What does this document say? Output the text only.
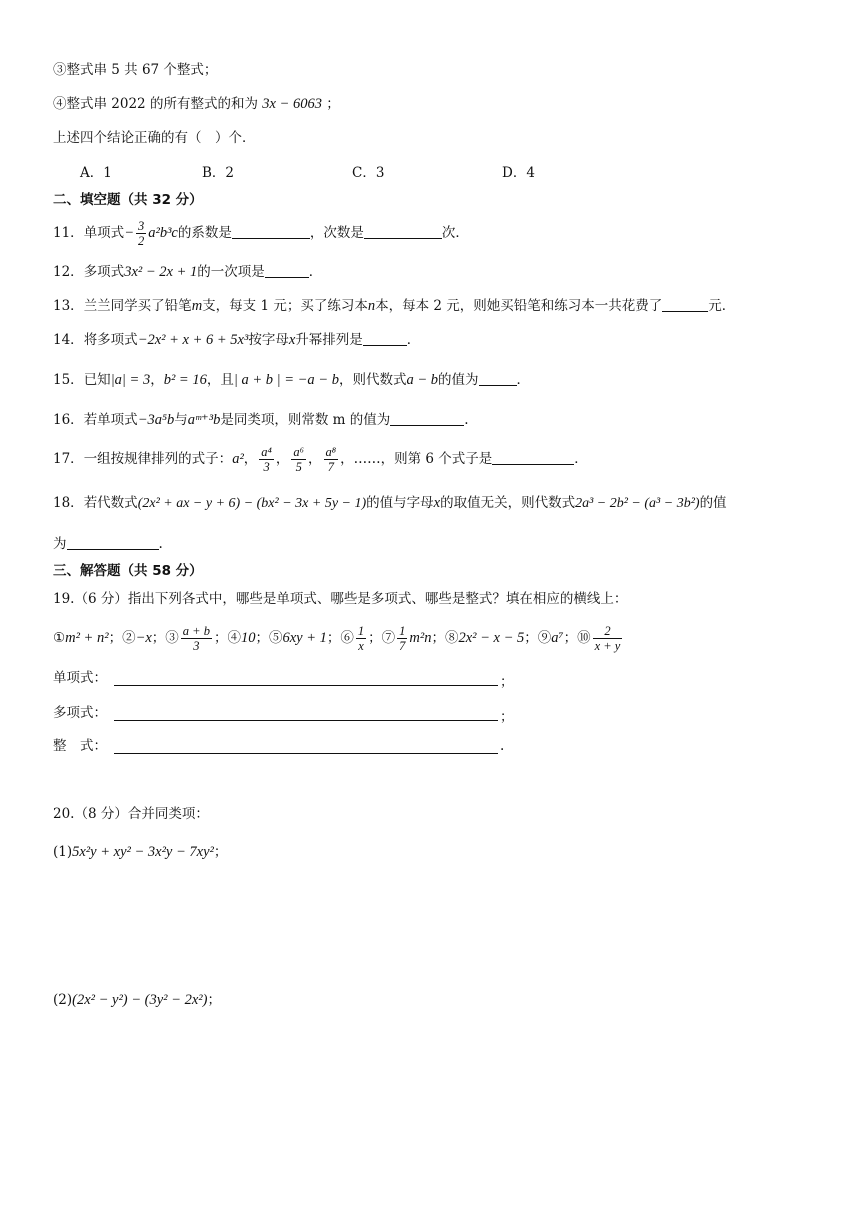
③整式串 5 共 67 个整式；
④整式串 2022 的所有整式的和为 3x − 6063 ；
上述四个结论正确的有（　）个．
A．1	B．2	C．3	D．4
二、填空题（共 32 分）
11．单项式− $\frac{3}{2} a^2b^3c$的系数是	，次数是	次．
12．多项式3x² − 2x + 1的一次项是	．
13．兰兰同学买了铅笔m支，每支 1 元；买了练习本n本，每本 2 元，则她买铅笔和练习本一共花费了	元．
14．将多项式−2x² + x + 6 + 5x³按字母x升幂排列是	．
15．已知|a| = 3，b² = 16，且| a + b | = −a − b，则代数式a − b的值为	．
16．若单项式−3a⁵b与aᵐ⁺³b是同类项，则常数 m 的值为	.
17．一组按规律排列的式子：a²， $\frac{\text{a⁴}}{3}$ ， $\frac{\text{a⁶}}{5}$ ， $\frac{\text{a⁸}}{7}$ ，……，则第 6 个式子是	．
18．若代数式(2x² + ax − y + 6) − (bx² − 3x + 5y − 1)的值与字母x的取值无关，则代数式2a³ − 2b² − (a³ − 3b²)的值
为	.
三、解答题（共 58 分）
19.（6 分）指出下列各式中，哪些是单项式、哪些是多项式、哪些是整式？填在相应的横线上：
①m² + n²；②−x；③ $\frac{a + b}{3}$ ；④10；⑤6xy + 1；⑥ $\frac{1}{x}$ ；⑦ $\frac{1}{7} m^2n$；⑧2x² − x − 5；⑨a⁷；⑩ $\frac{2}{x + y}$
单项式：	；
多项式：	；
整　式：	.
20.（8 分）合并同类项：
(1)5x²y + xy² − 3x²y − 7xy²；
(2)(2x² − y²) − (3y² − 2x²)；
